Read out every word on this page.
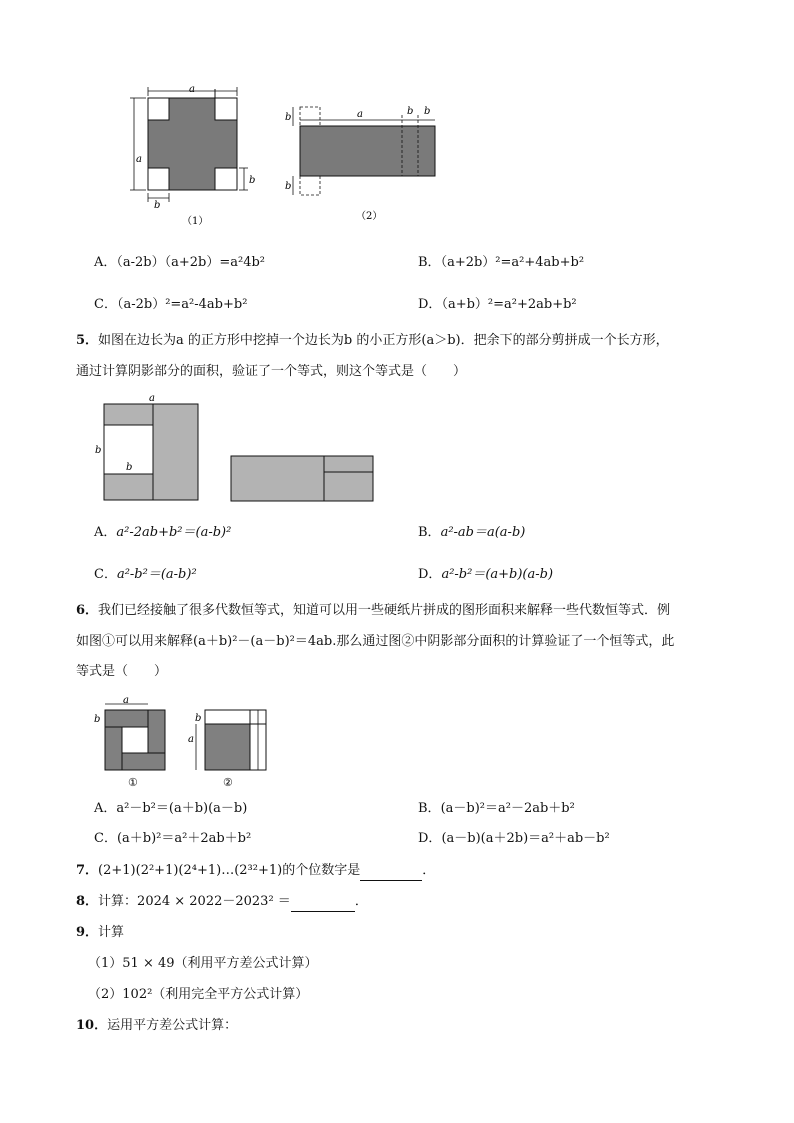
a
a
b
b
（1）
a	b b
b
b
（2）
A．（a-2b）（a+2b）=a²4b²	B．（a+2b）²=a²+4ab+b²
C．（a-2b）²=a²-4ab+b²	D．（a+b）²=a²+2ab+b²
5．如图在边长为a 的正方形中挖掉一个边长为b 的小正方形(a＞b)．把余下的部分剪拼成一个长方形，
通过计算阴影部分的面积，验证了一个等式，则这个等式是（　　）
a
b
b
A．a²-2ab+b²＝(a-b)²	B．a²-ab＝a(a-b)
C．a²-b²＝(a-b)²	D．a²-b²＝(a+b)(a-b)
6．我们已经接触了很多代数恒等式，知道可以用一些硬纸片拼成的图形面积来解释一些代数恒等式．例
如图①可以用来解释(a＋b)²－(a－b)²＝4ab.那么通过图②中阴影部分面积的计算验证了一个恒等式，此
等式是（　　）
a
b
①
a
b
②
A．a²－b²＝(a＋b)(a－b)	B．(a－b)²＝a²－2ab＋b²
C．(a＋b)²＝a²＋2ab＋b²	D．(a－b)(a＋2b)＝a²＋ab－b²
7．(2+1)(2²+1)(2⁴+1)…(2³²+1)的个位数字是	．
8．计算：2024 × 2022－2023² ＝	．
9．计算
（1）51 × 49（利用平方差公式计算）
（2）102²（利用完全平方公式计算）
10．运用平方差公式计算：
